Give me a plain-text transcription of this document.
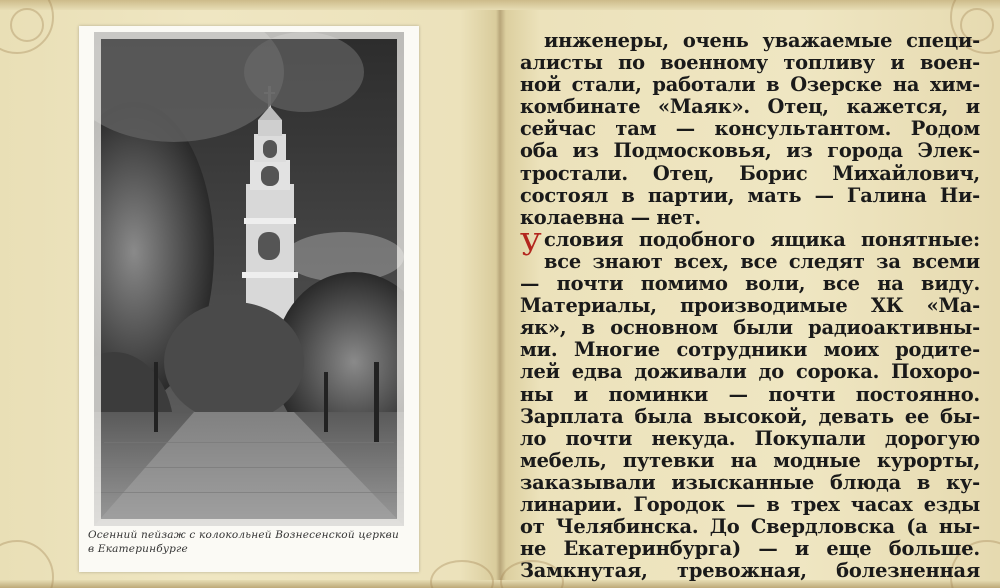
Осенний пейзаж с колокольней Вознесенской церкви
в Екатеринбурге
инженеры, очень уважаемые специ-
алисты по военному топливу и воен-
ной стали, работали в Озерске на хим-
комбинате «Маяк». Отец, кажется, и
сейчас там — консультантом. Родом
оба из Подмосковья, из города Элек-
тростали. Отец, Борис Михайлович,
состоял в партии, мать — Галина Ни-
колаевна — нет.
У словия подобного ящика понятные:
все знают всех, все следят за всеми
— почти помимо воли, все на виду.
Материалы, производимые ХК «Ма-
як», в основном были радиоактивны-
ми. Многие сотрудники моих родите-
лей едва доживали до сорока. Похоро-
ны и поминки — почти постоянно.
Зарплата была высокой, девать ее бы-
ло почти некуда. Покупали дорогую
мебель, путевки на модные курорты,
заказывали изысканные блюда в ку-
линарии. Городок — в трех часах езды
от Челябинска. До Свердловска (а ны-
не Екатеринбурга) — и еще больше.
Замкнутая, тревожная, болезненная
